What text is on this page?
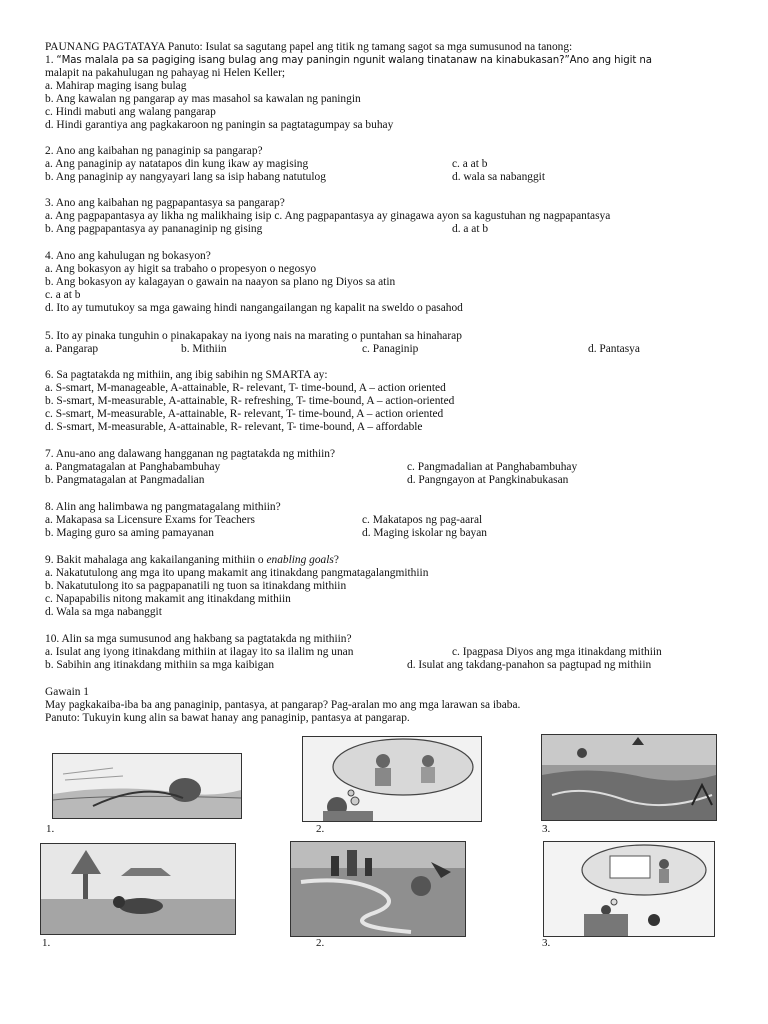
PAUNANG PAGTATAYA Panuto: Isulat sa sagutang papel ang titik ng tamang sagot sa mga sumusunod na tanong:
1. “Mas malala pa sa pagiging isang bulag ang may paningin ngunit walang tinatanaw na kinabukasan?”Ano ang higit na
malapit na pakahulugan ng pahayag ni Helen Keller;
a. Mahirap maging isang bulag
b. Ang kawalan ng pangarap ay mas masahol sa kawalan ng paningin
c. Hindi mabuti ang walang pangarap
d. Hindi garantiya ang pagkakaroon ng paningin sa pagtatagumpay sa buhay
2. Ano ang kaibahan ng panaginip sa pangarap?
a. Ang panaginip ay natatapos din kung ikaw ay magising	c. a at b
b. Ang panaginip ay nangyayari lang sa isip habang natutulog	d. wala sa nabanggit
3. Ano ang kaibahan ng pagpapantasya sa pangarap?
a. Ang pagpapantasya ay likha ng malikhaing isip c. Ang pagpapantasya ay ginagawa ayon sa kagustuhan ng nagpapantasya
b. Ang pagpapantasya ay pananaginip ng gising	d. a at b
4. Ano ang kahulugan ng bokasyon?
a. Ang bokasyon ay higit sa trabaho o propesyon o negosyo
b. Ang bokasyon ay kalagayan o gawain na naayon sa plano ng Diyos sa atin
c. a at b
d. Ito ay tumutukoy sa mga gawaing hindi nangangailangan ng kapalit na sweldo o pasahod
5. Ito ay pinaka tunguhin o pinakapakay na iyong nais na marating o puntahan sa hinaharap
a. Pangarap	b. Mithiin	c. Panaginip	d. Pantasya
6. Sa pagtatakda ng mithiin, ang ibig sabihin ng SMARTA ay:
a. S-smart, M-manageable, A-attainable, R- relevant, T- time-bound, A – action oriented
b. S-smart, M-measurable, A-attainable, R- refreshing, T- time-bound, A – action-oriented
c. S-smart, M-measurable, A-attainable, R- relevant, T- time-bound, A – action oriented
d. S-smart, M-measurable, A-attainable, R- relevant, T- time-bound, A – affordable
7. Anu-ano ang dalawang hangganan ng pagtatakda ng mithiin?
a. Pangmatagalan at Panghabambuhay	c. Pangmadalian at Panghabambuhay
b. Pangmatagalan at Pangmadalian	d. Pangngayon at Pangkinabukasan
8. Alin ang halimbawa ng pangmatagalang mithiin?
a. Makapasa sa Licensure Exams for Teachers	c. Makatapos ng pag-aaral
b. Maging guro sa aming pamayanan	d. Maging iskolar ng bayan
9. Bakit mahalaga ang kakailanganing mithiin o enabling goals?
a. Nakatutulong ang mga ito upang makamit ang itinakdang pangmatagalangmithiin
b. Nakatutulong ito sa pagpapanatili ng tuon sa itinakdang mithiin
c. Napapabilis nitong makamit ang itinakdang mithiin
d. Wala sa mga nabanggit
10. Alin sa mga sumusunod ang hakbang sa pagtatakda ng mithiin?
a. Isulat ang iyong itinakdang mithiin at ilagay ito sa ilalim ng unan	c. Ipagpasa Diyos ang mga itinakdang mithiin
b. Sabihin ang itinakdang mithiin sa mga kaibigan	d. Isulat ang takdang-panahon sa pagtupad ng mithiin
Gawain 1
May pagkakaiba-iba ba ang panaginip, pantasya, at pangarap? Pag-aralan mo ang mga larawan sa ibaba.
Panuto: Tukuyin kung alin sa bawat hanay ang panaginip, pantasya at pangarap.
1.	2.	3.
1.	2.	3.
